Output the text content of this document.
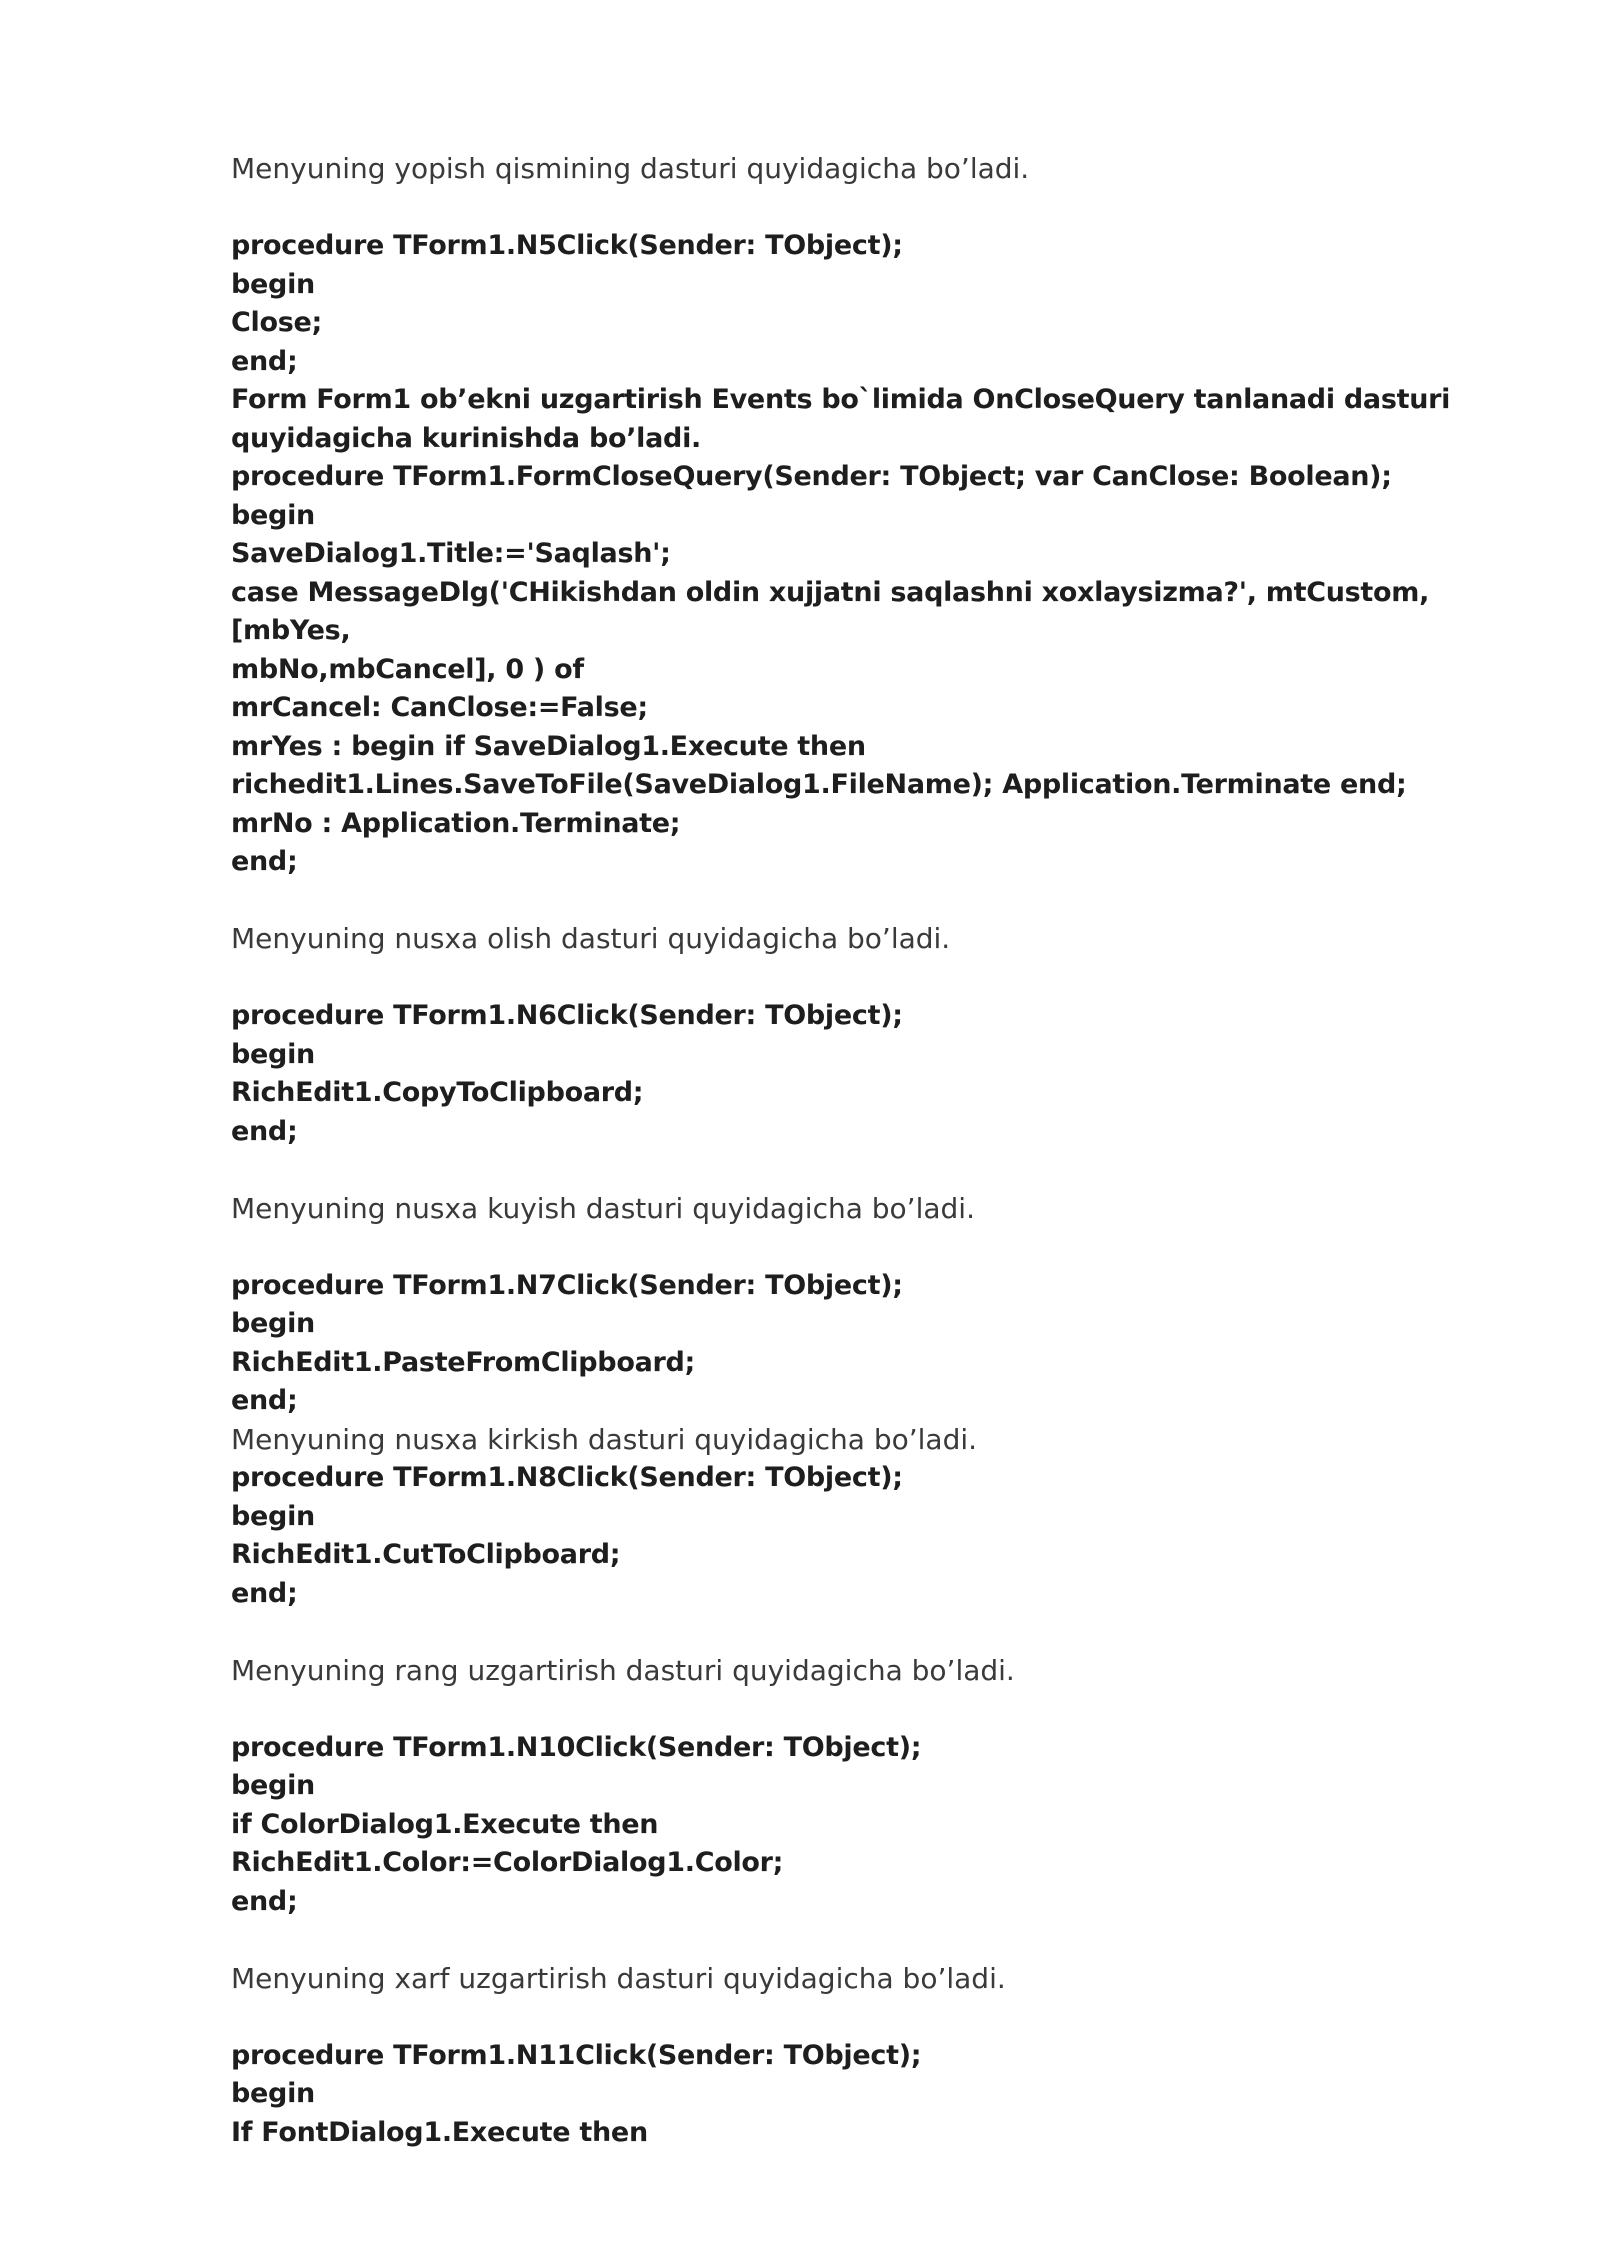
Menyuning yopish qismining dasturi quyidagicha bo’ladi.
procedure TForm1.N5Click(Sender: TObject);
begin
Close;
end;
Form Form1 ob’ekni uzgartirish Events bo`limida OnCloseQuery tanlanadi dasturi
quyidagicha kurinishda bo’ladi.
procedure TForm1.FormCloseQuery(Sender: TObject; var CanClose: Boolean);
begin
SaveDialog1.Title:='Saqlash';
case MessageDlg('CHikishdan oldin xujjatni saqlashni xoxlaysizma?', mtCustom, [mbYes,
mbNo,mbCancel], 0 ) of
mrCancel: CanClose:=False;
mrYes : begin if SaveDialog1.Execute then
richedit1.Lines.SaveToFile(SaveDialog1.FileName); Application.Terminate end;
mrNo : Application.Terminate;
end;
Menyuning nusxa olish dasturi quyidagicha bo’ladi.
procedure TForm1.N6Click(Sender: TObject);
begin
RichEdit1.CopyToClipboard;
end;
Menyuning nusxa kuyish dasturi quyidagicha bo’ladi.
procedure TForm1.N7Click(Sender: TObject);
begin
RichEdit1.PasteFromClipboard;
end;
Menyuning nusxa kirkish dasturi quyidagicha bo’ladi.
procedure TForm1.N8Click(Sender: TObject);
begin
RichEdit1.CutToClipboard;
end;
Menyuning rang uzgartirish dasturi quyidagicha bo’ladi.
procedure TForm1.N10Click(Sender: TObject);
begin
if ColorDialog1.Execute then
RichEdit1.Color:=ColorDialog1.Color;
end;
Menyuning xarf uzgartirish dasturi quyidagicha bo’ladi.
procedure TForm1.N11Click(Sender: TObject);
begin
If FontDialog1.Execute then
